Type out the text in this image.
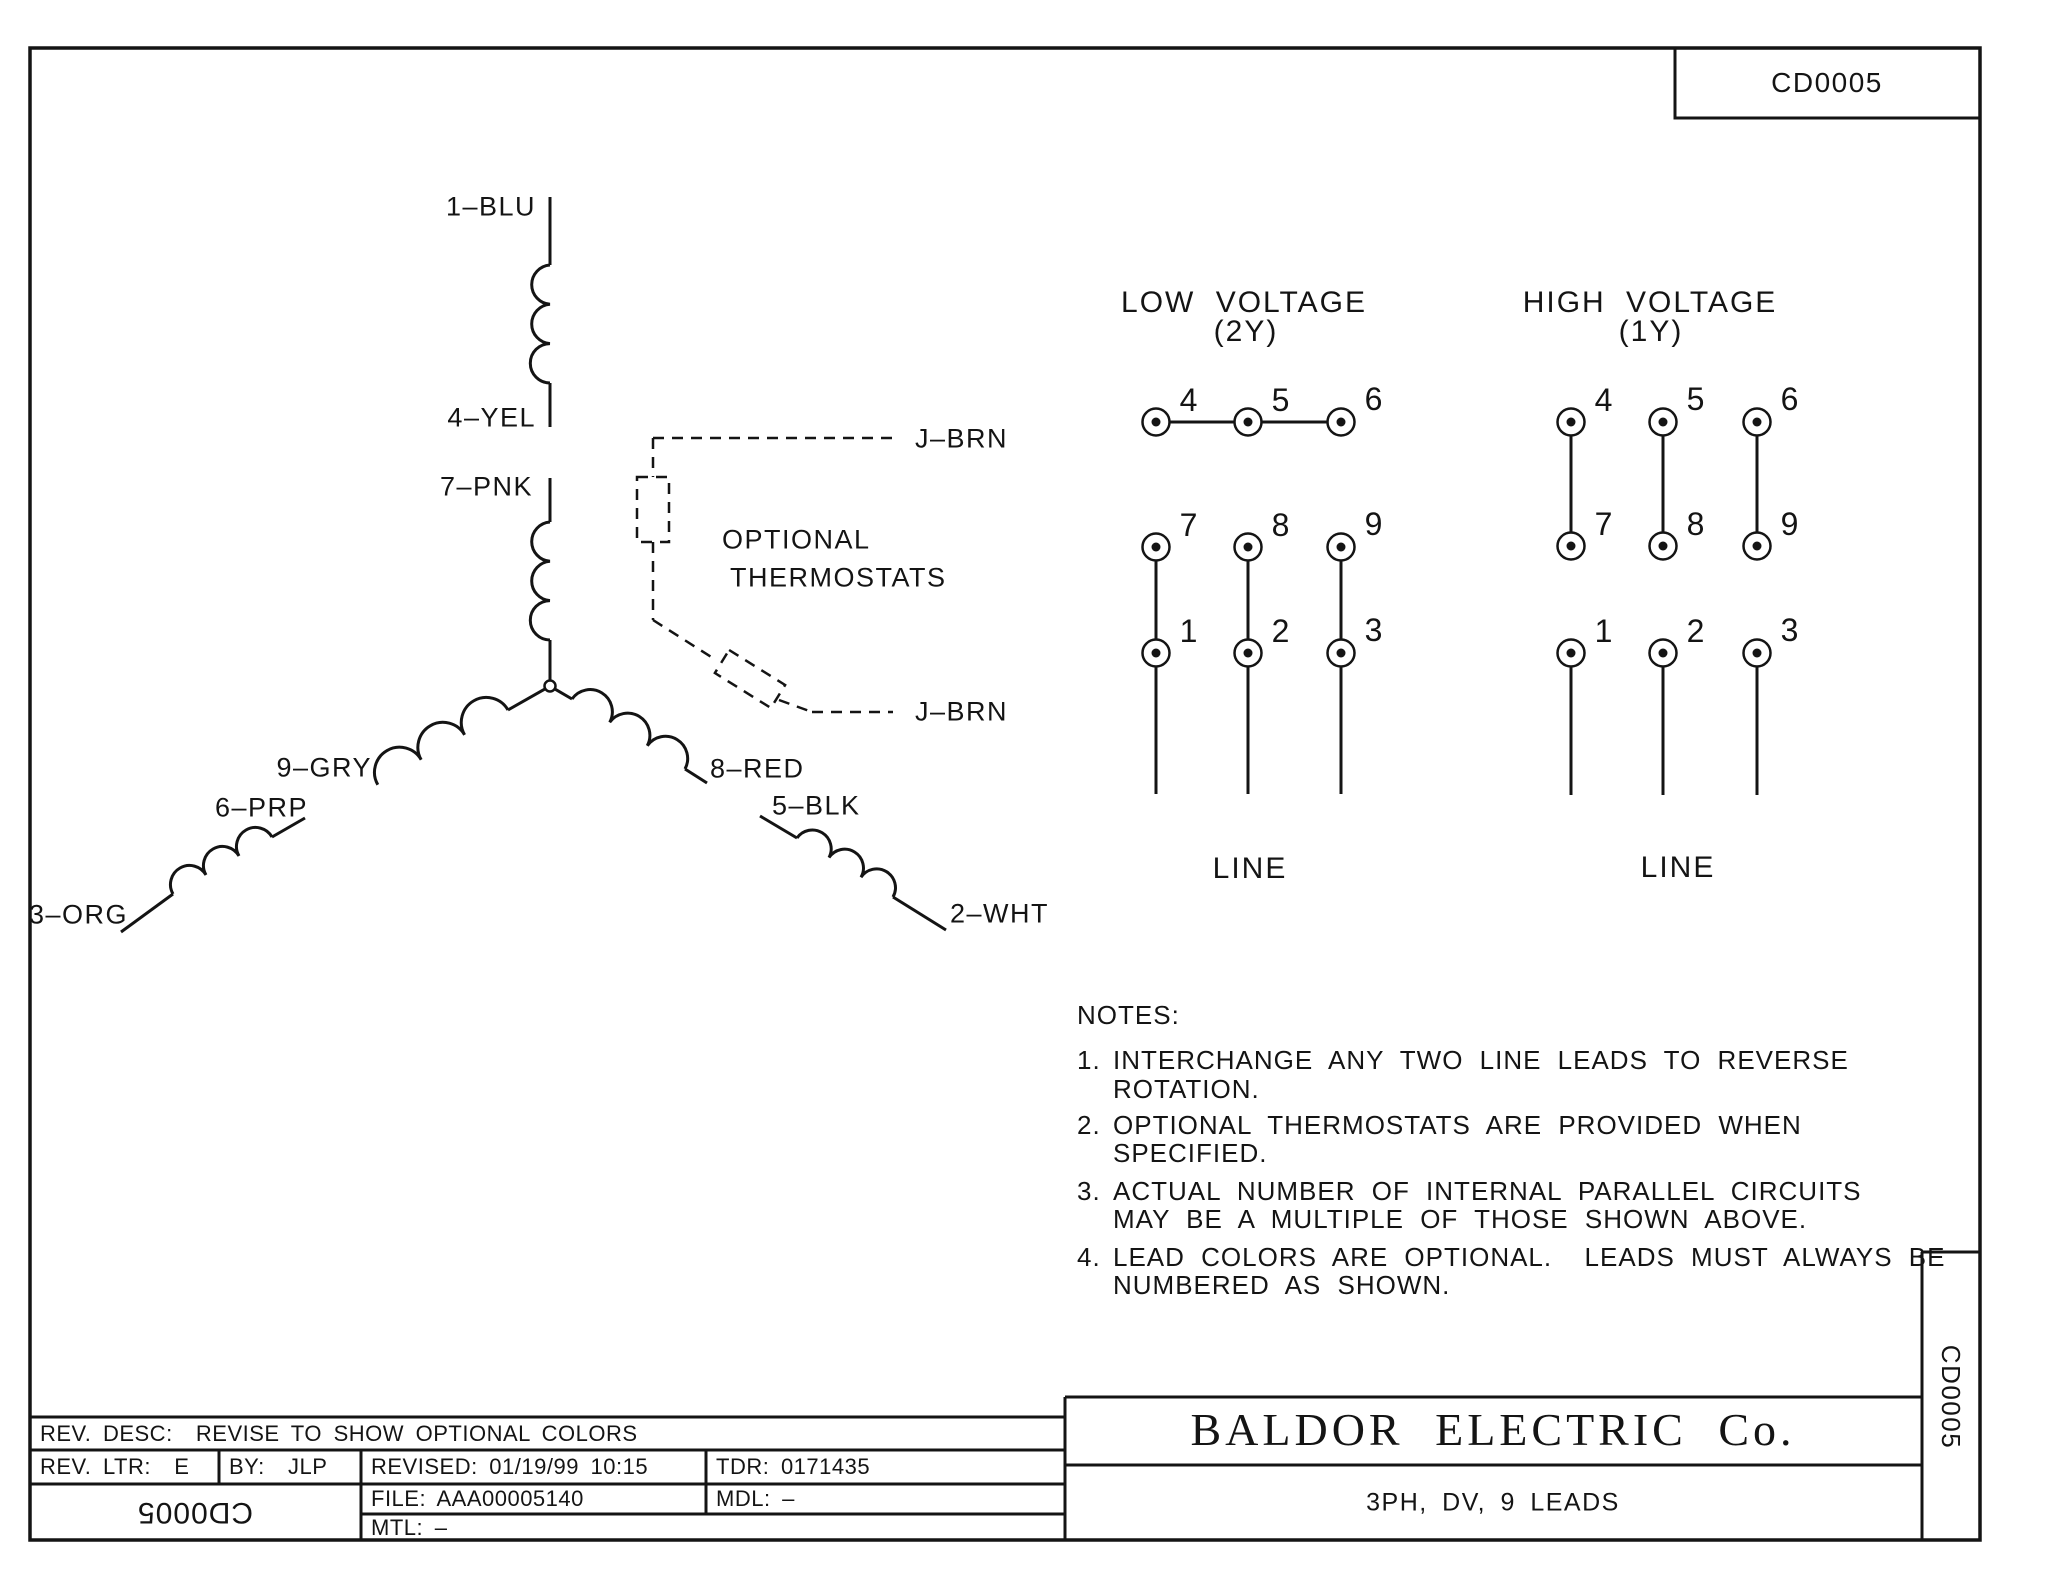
CD0005
1–BLU
4–YEL
7–PNK
9–GRY
6–PRP
3–ORG
8–RED
5–BLK
2–WHT
J–BRN
J–BRN
OPTIONAL
THERMOSTATS
LOW VOLTAGE
(2Y)
4 5 6
7 8 9
1 2 3
LINE
HIGH VOLTAGE
(1Y)
4 5 6
7 8 9
1 2 3
LINE
NOTES:
1. INTERCHANGE ANY TWO LINE LEADS TO REVERSE
ROTATION.
2. OPTIONAL THERMOSTATS ARE PROVIDED WHEN
SPECIFIED.
3. ACTUAL NUMBER OF INTERNAL PARALLEL CIRCUITS
MAY BE A MULTIPLE OF THOSE SHOWN ABOVE.
4. LEAD COLORS ARE OPTIONAL.  LEADS MUST ALWAYS BE
NUMBERED AS SHOWN.
REV. DESC:  REVISE TO SHOW OPTIONAL COLORS
REV. LTR:  E BY:  JLP REVISED: 01/19/99 10:15	TDR: 0171435
FILE: AAA00005140	MDL: –
MTL: –
CD0005
BALDOR ELECTRIC Co.
3PH, DV, 9 LEADS
CD0005
